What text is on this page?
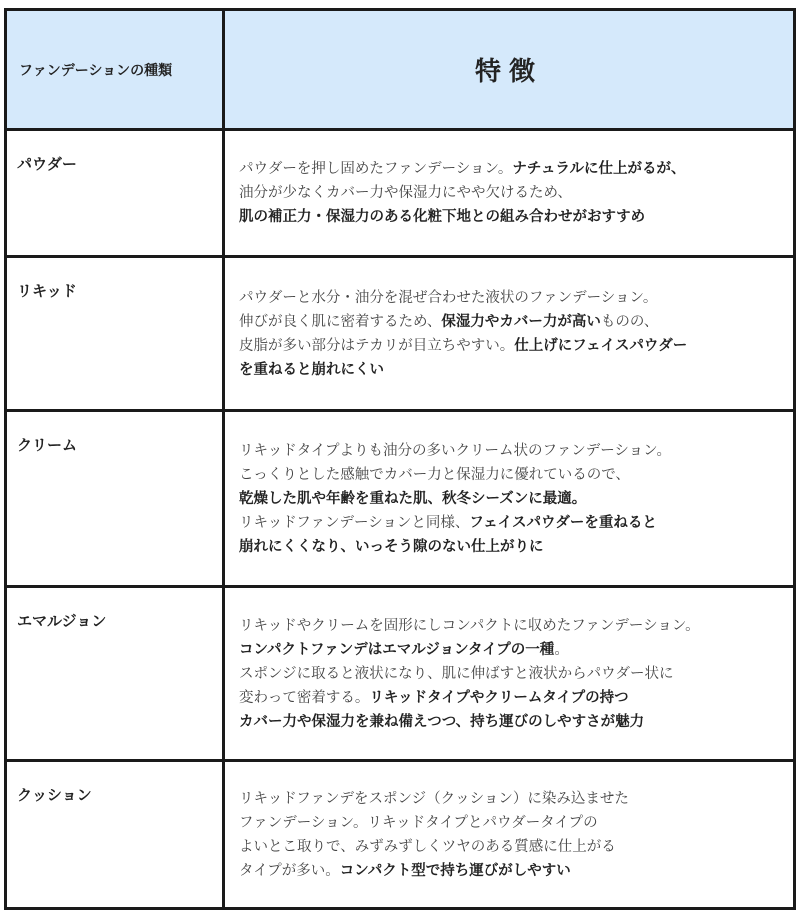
ファンデーションの種類	特徴
パウダー	パウダーを押し固めたファンデーション。ナチュラルに仕上がるが、
油分が少なくカバー力や保湿力にやや欠けるため、
肌の補正力・保湿力のある化粧下地との組み合わせがおすすめ

リキッド	パウダーと水分・油分を混ぜ合わせた液状のファンデーション。
伸びが良く肌に密着するため、保湿力やカバー力が高いものの、
皮脂が多い部分はテカリが目立ちやすい。仕上げにフェイスパウダー
を重ねると崩れにくい

クリーム	リキッドタイプよりも油分の多いクリーム状のファンデーション。
こっくりとした感触でカバー力と保湿力に優れているので、
乾燥した肌や年齢を重ねた肌、秋冬シーズンに最適。
リキッドファンデーションと同様、フェイスパウダーを重ねると
崩れにくくなり、いっそう隙のない仕上がりに

エマルジョン	リキッドやクリームを固形にしコンパクトに収めたファンデーション。
コンパクトファンデはエマルジョンタイプの一種。
スポンジに取ると液状になり、肌に伸ばすと液状からパウダー状に
変わって密着する。リキッドタイプやクリームタイプの持つ
カバー力や保湿力を兼ね備えつつ、持ち運びのしやすさが魅力

クッション	リキッドファンデをスポンジ（クッション）に染み込ませた
ファンデーション。リキッドタイプとパウダータイプの
よいとこ取りで、みずみずしくツヤのある質感に仕上がる
タイプが多い。コンパクト型で持ち運びがしやすい
